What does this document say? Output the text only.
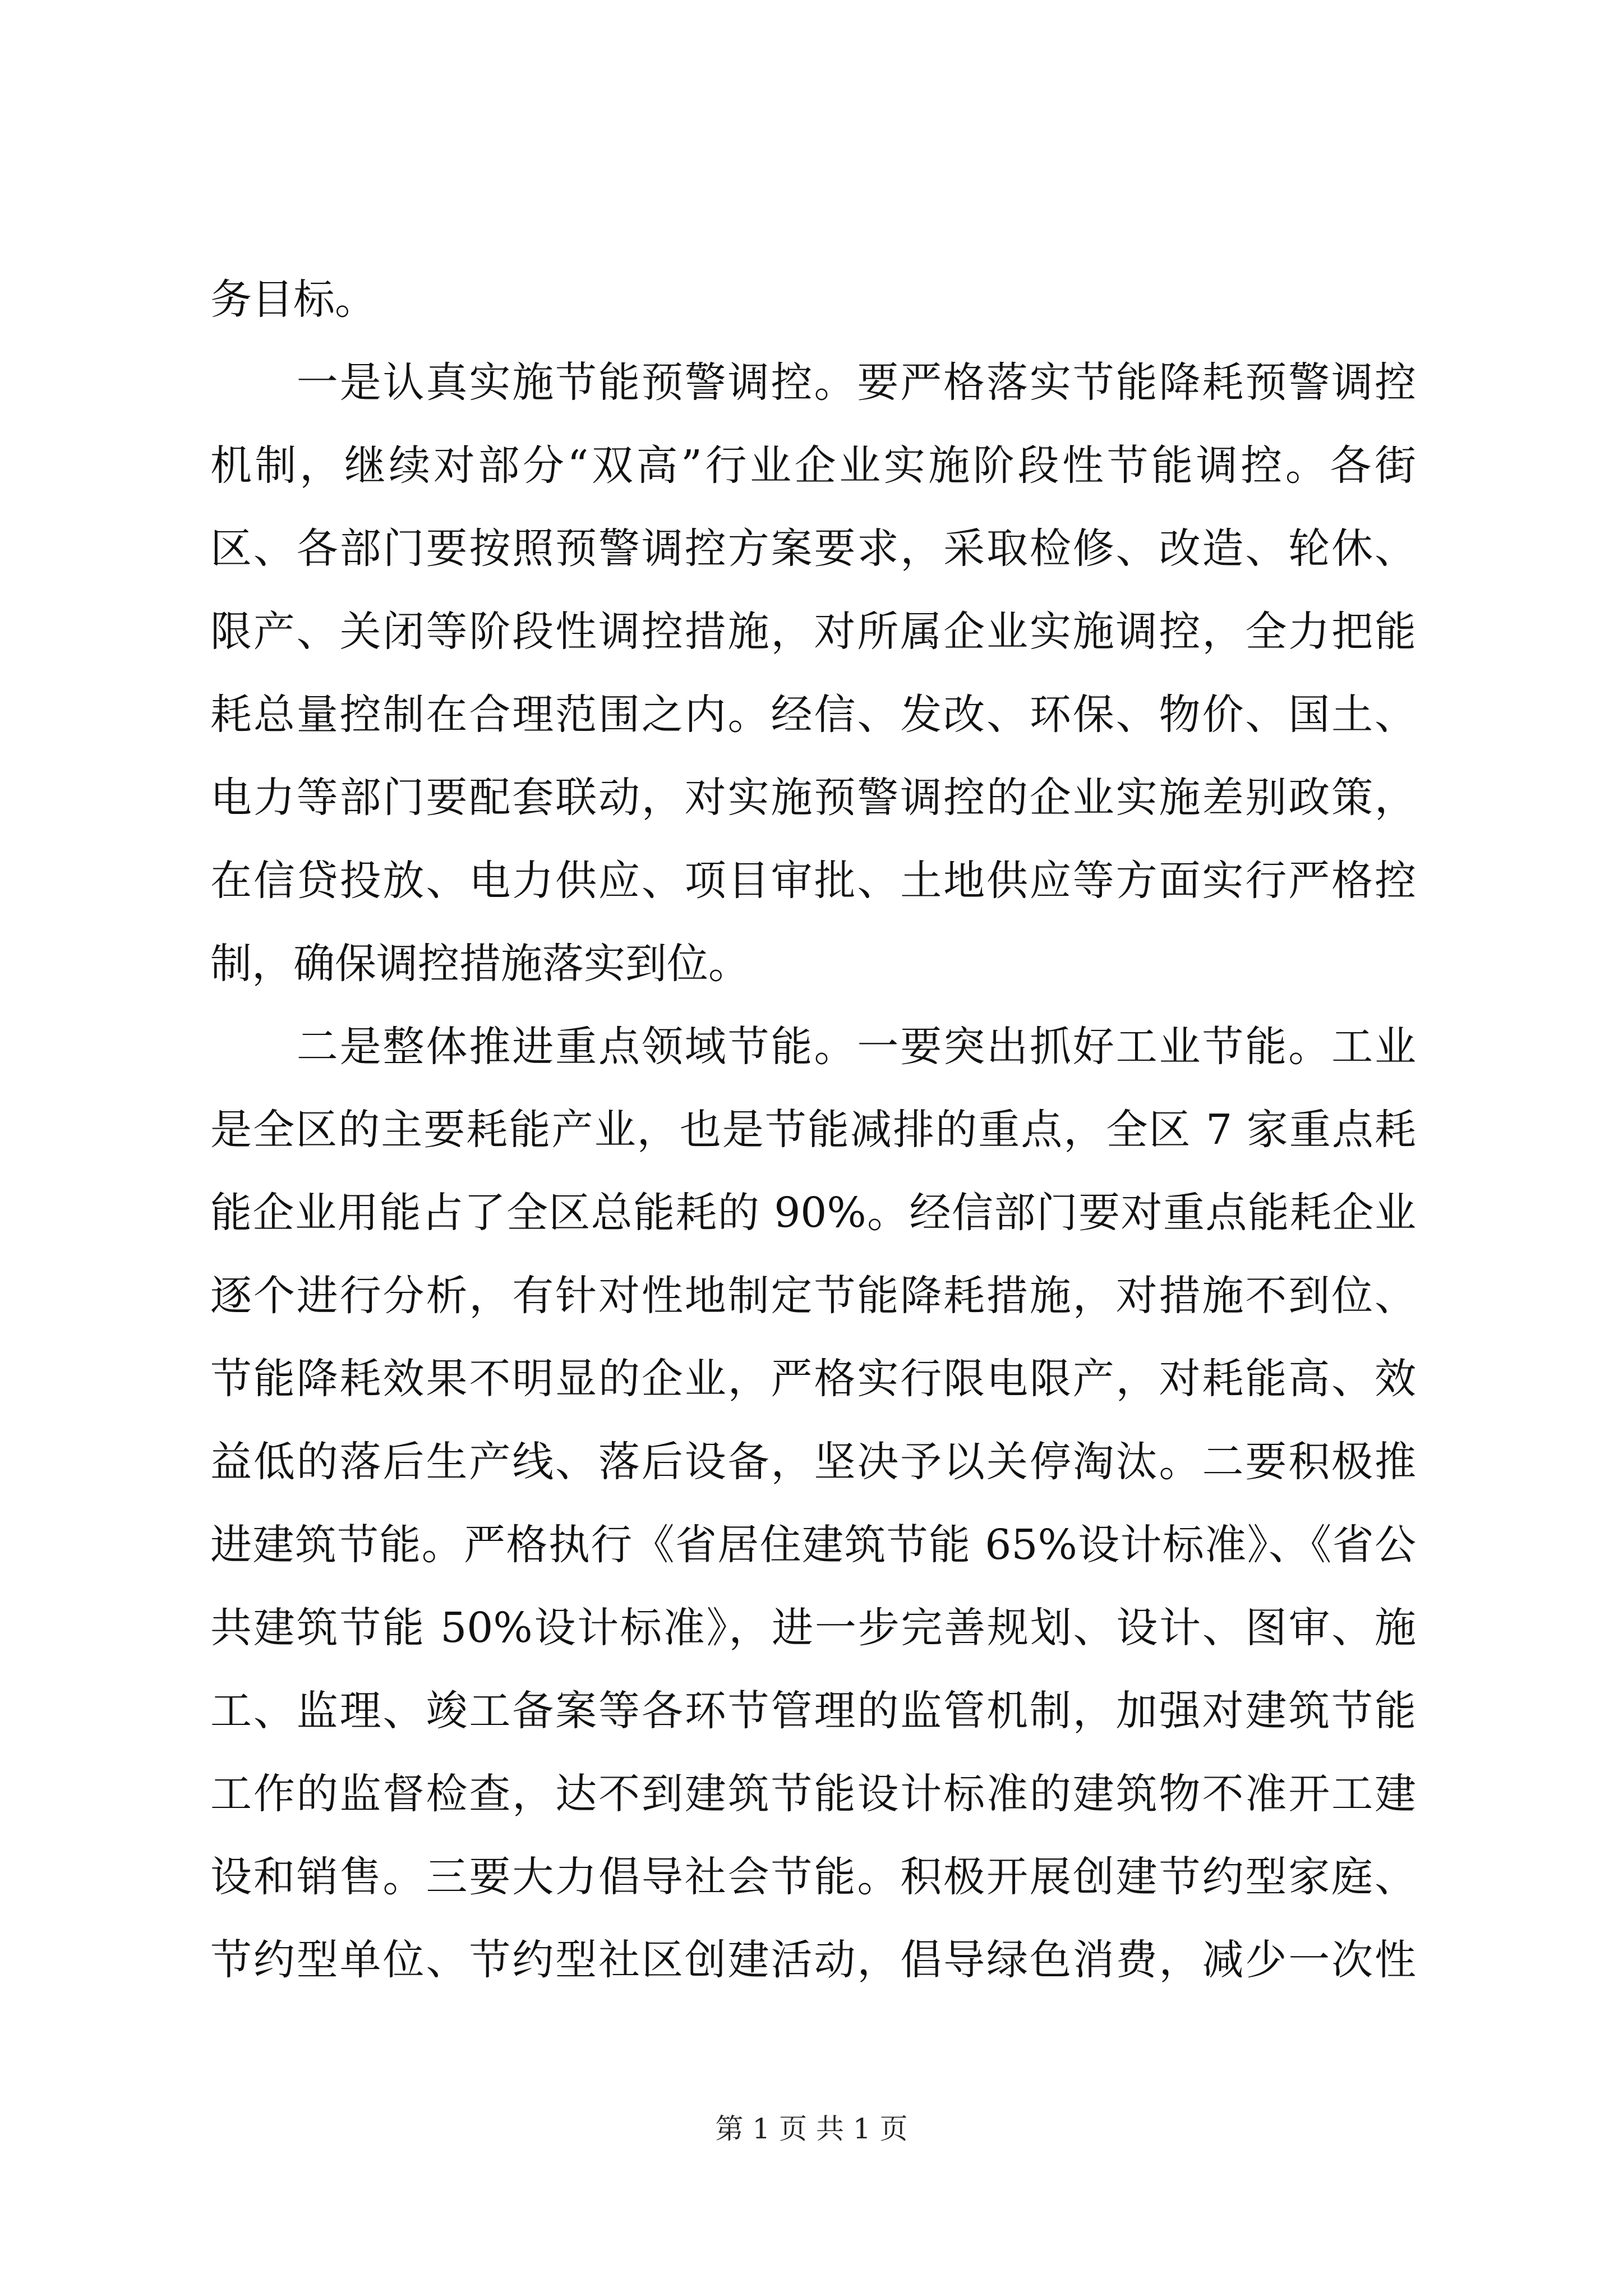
务目标。
　　一是认真实施节能预警调控。要严格落实节能降耗预警调控
机制，继续对部分“双高”行业企业实施阶段性节能调控。各街
区、各部门要按照预警调控方案要求，采取检修、改造、轮休、
限产、关闭等阶段性调控措施，对所属企业实施调控，全力把能
耗总量控制在合理范围之内。经信、发改、环保、物价、国土、
电力等部门要配套联动，对实施预警调控的企业实施差别政策，
在信贷投放、电力供应、项目审批、土地供应等方面实行严格控
制，确保调控措施落实到位。
　　二是整体推进重点领域节能。一要突出抓好工业节能。工业
是全区的主要耗能产业，也是节能减排的重点，全区 7 家重点耗
能企业用能占了全区总能耗的 90%。经信部门要对重点能耗企业
逐个进行分析，有针对性地制定节能降耗措施，对措施不到位、
节能降耗效果不明显的企业，严格实行限电限产，对耗能高、效
益低的落后生产线、落后设备，坚决予以关停淘汰。二要积极推
进建筑节能。严格执行《省居住建筑节能 65%设计标准》、《省公
共建筑节能 50%设计标准》，进一步完善规划、设计、图审、施
工、监理、竣工备案等各环节管理的监管机制，加强对建筑节能
工作的监督检查，达不到建筑节能设计标准的建筑物不准开工建
设和销售。三要大力倡导社会节能。积极开展创建节约型家庭、
节约型单位、节约型社区创建活动，倡导绿色消费，减少一次性
第 1 页 共 1 页
